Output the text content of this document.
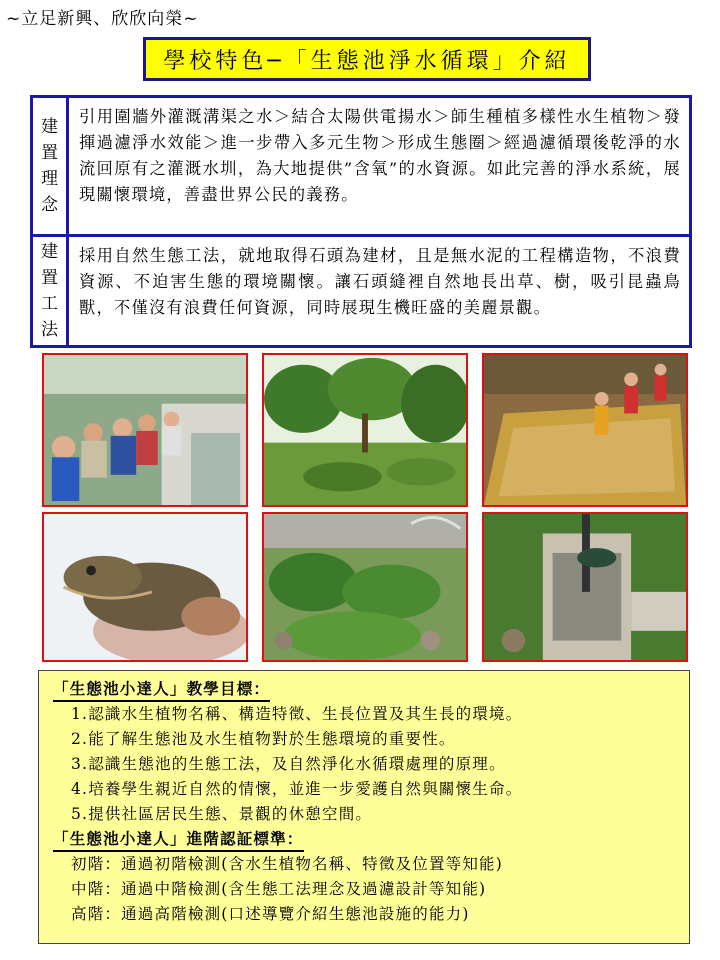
~立足新興、欣欣向榮~
學校特色─「生態池淨水循環」介紹
建
置
理
念
引用圍牆外灌溉溝渠之水＞結合太陽供電揚水＞師生種植多樣性水生植物＞發揮過濾淨水效能＞進一步帶入多元生物＞形成生態圈＞經過濾循環後乾淨的水流回原有之灌溉水圳，為大地提供”含氧”的水資源。如此完善的淨水系統，展現關懷環境，善盡世界公民的義務。
建
置
工
法
採用自然生態工法，就地取得石頭為建材，且是無水泥的工程構造物，不浪費資源、不迫害生態的環境關懷。讓石頭縫裡自然地長出草、樹，吸引昆蟲鳥獸，不僅沒有浪費任何資源，同時展現生機旺盛的美麗景觀。
「生態池小達人」教學目標：
1.認識水生植物名稱、構造特徵、生長位置及其生長的環境。
2.能了解生態池及水生植物對於生態環境的重要性。
3.認識生態池的生態工法，及自然淨化水循環處理的原理。
4.培養學生親近自然的情懷，並進一步愛護自然與關懷生命。
5.提供社區居民生態、景觀的休憩空間。
「生態池小達人」進階認証標準：
初階：通過初階檢測(含水生植物名稱、特徵及位置等知能)
中階：通過中階檢測(含生態工法理念及過濾設計等知能)
高階：通過高階檢測(口述導覽介紹生態池設施的能力)
